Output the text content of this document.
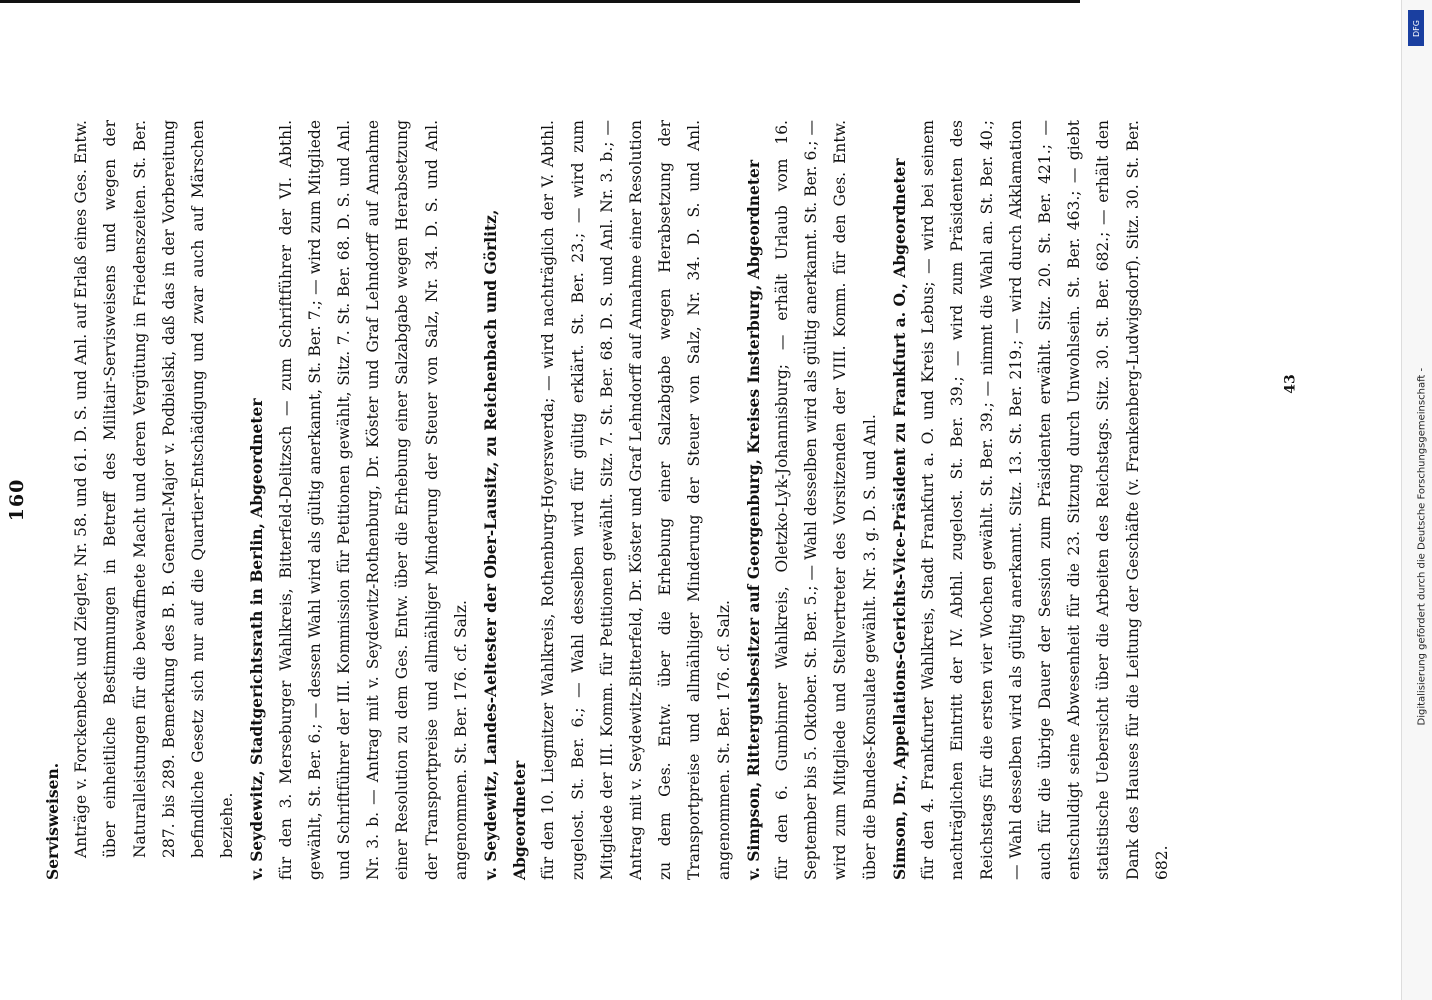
160
Servisweisen. Anträge v. Forckenbeck und Ziegler, Nr. 58. und 61. D. S. und Anl. auf Erlaß eines Ges. Entw. über einheitliche Bestimmungen in Betreff des Militair-Servisweisens und wegen der Naturalleistungen für die bewaffnete Macht und deren Vergütung in Friedenszeiten. St. Ber. 287. bis 289. Bemerkung des B. B. General-Major v. Podbielski, daß das in der Vorbereitung befindliche Gesetz sich nur auf die Quartier-Entschädigung und zwar auch auf Märschen beziehe. v. Seydewitz, Stadtgerichtsrath in Berlin, Abgeordneter für den 3. Merseburger Wahlkreis, Bitterfeld-Delitzsch — zum Schriftführer der VI. Abthl. gewählt, St. Ber. 6.; — dessen Wahl wird als gültig anerkannt, St. Ber. 7.; — wird zum Mitgliede und Schriftführer der III. Kommission für Petitionen gewählt, Sitz. 7. St. Ber. 68. D. S. und Anl. Nr. 3. b. — Antrag mit v. Seydewitz-Rothenburg, Dr. Köster und Graf Lehndorff auf Annahme einer Resolution zu dem Ges. Entw. über die Erhebung einer Salzabgabe wegen Herabsetzung der Transportpreise und allmähliger Minderung der Steuer von Salz, Nr. 34. D. S. und Anl. angenommen. St. Ber. 176. cf. Salz. v. Seydewitz, Landes-Aeltester der Ober-Lausitz, zu Reichenbach und Görlitz, Abgeordneter für den 10. Liegnitzer Wahlkreis, Rothenburg-Hoyerswerda; — wird nachträglich der V. Abthl. zugelost. St. Ber. 6.; — Wahl desselben wird für gültig erklärt. St. Ber. 23.; — wird zum Mitgliede der III. Komm. für Petitionen gewählt. Sitz. 7. St. Ber. 68. D. S. und Anl. Nr. 3. b.; — Antrag mit v. Seydewitz-Bitterfeld, Dr. Köster und Graf Lehndorff auf Annahme einer Resolution zu dem Ges. Entw. über die Erhebung einer Salzabgabe wegen Herabsetzung der Transportpreise und allmähliger Minderung der Steuer von Salz, Nr. 34. D. S. und Anl. angenommen. St. Ber. 176. cf. Salz. v. Simpson, Rittergutsbesitzer auf Georgenburg, Kreises Insterburg, Abgeordneter für den 6. Gumbinner Wahlkreis, Oletzko-Lyk-Johannisburg; — erhält Urlaub vom 16. September bis 5. Oktober. St. Ber. 5.; — Wahl desselben wird als gültig anerkannt. St. Ber. 6.; — wird zum Mitgliede und Stellvertreter des Vorsitzenden der VIII. Komm. für den Ges. Entw. über die Bundes-Konsulate gewählt. Nr. 3. g. D. S. und Anl. Simson, Dr., Appellations-Gerichts-Vice-Präsident zu Frankfurt a. O., Abgeordneter für den 4. Frankfurter Wahlkreis, Stadt Frankfurt a. O. und Kreis Lebus; — wird bei seinem nachträglichen Eintritt der IV. Abthl. zugelost. St. Ber. 39.; — wird zum Präsidenten des Reichstags für die ersten vier Wochen gewählt. St. Ber. 39.; — nimmt die Wahl an. St. Ber. 40.; — Wahl desselben wird als gültig anerkannt. Sitz. 13. St. Ber. 219.; — wird durch Akklamation auch für die übrige Dauer der Session zum Präsidenten erwählt. Sitz. 20. St. Ber. 421.; — entschuldigt seine Abwesenheit für die 23. Sitzung durch Unwohlsein. St. Ber. 463.; — giebt statistische Uebersicht über die Arbeiten des Reichstags. Sitz. 30. St. Ber. 682.; — erhält den Dank des Hauses für die Leitung der Geschäfte (v. Frankenberg-Ludwigsdorf). Sitz. 30. St. Ber. 682.
43
DFG
Digitalisierung gefördert durch die Deutsche Forschungsgemeinschaft -
